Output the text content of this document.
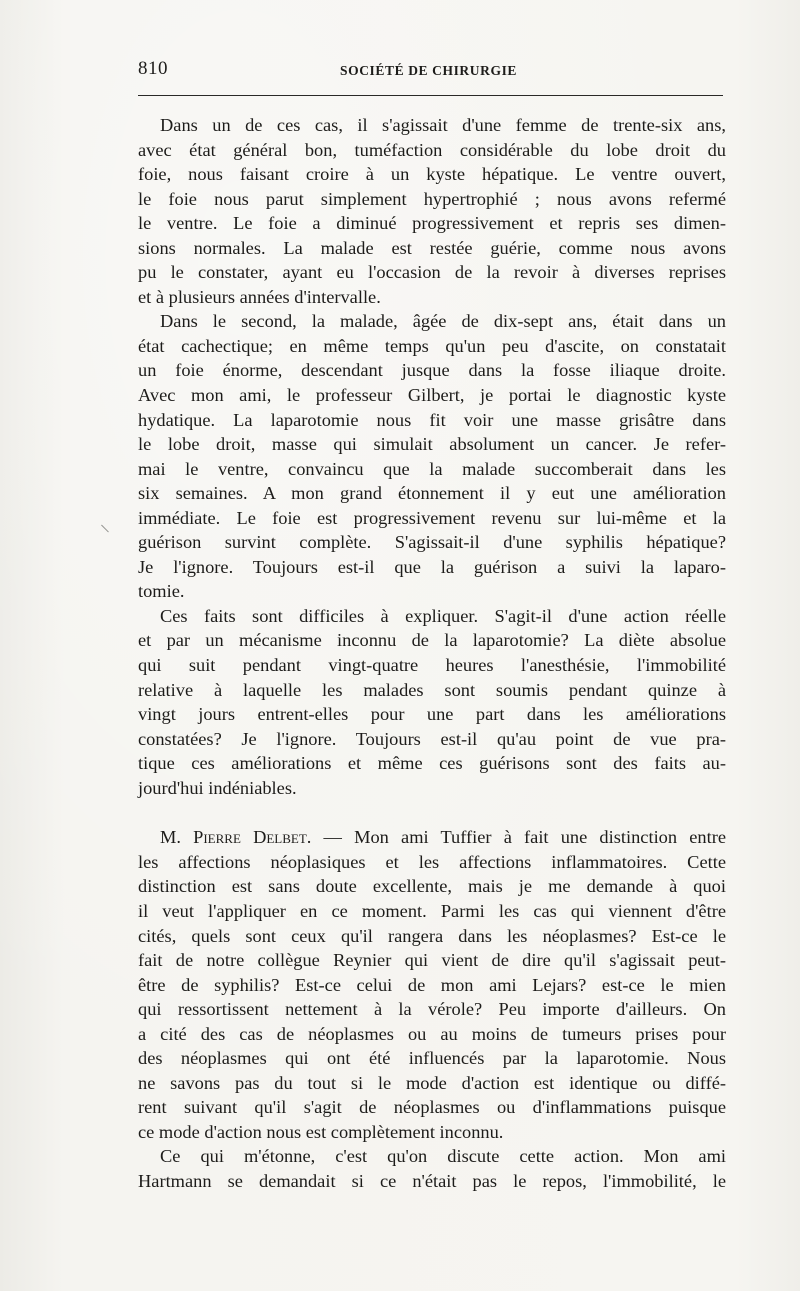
810	SOCIÉTÉ DE CHIRURGIE
Dans un de ces cas, il s'agissait d'une femme de trente-six ans,
avec état général bon, tuméfaction considérable du lobe droit du
foie, nous faisant croire à un kyste hépatique. Le ventre ouvert,
le foie nous parut simplement hypertrophié ; nous avons refermé
le ventre. Le foie a diminué progressivement et repris ses dimen-
sions normales. La malade est restée guérie, comme nous avons
pu le constater, ayant eu l'occasion de la revoir à diverses reprises
et à plusieurs années d'intervalle.
Dans le second, la malade, âgée de dix-sept ans, était dans un
état cachectique; en même temps qu'un peu d'ascite, on constatait
un foie énorme, descendant jusque dans la fosse iliaque droite.
Avec mon ami, le professeur Gilbert, je portai le diagnostic kyste
hydatique. La laparotomie nous fit voir une masse grisâtre dans
le lobe droit, masse qui simulait absolument un cancer. Je refer-
mai le ventre, convaincu que la malade succomberait dans les
six semaines. A mon grand étonnement il y eut une amélioration
immédiate. Le foie est progressivement revenu sur lui-même et la
guérison survint complète. S'agissait-il d'une syphilis hépatique?
Je l'ignore. Toujours est-il que la guérison a suivi la laparo-
tomie.
Ces faits sont difficiles à expliquer. S'agit-il d'une action réelle
et par un mécanisme inconnu de la laparotomie? La diète absolue
qui suit pendant vingt-quatre heures l'anesthésie, l'immobilité
relative à laquelle les malades sont soumis pendant quinze à
vingt jours entrent-elles pour une part dans les améliorations
constatées? Je l'ignore. Toujours est-il qu'au point de vue pra-
tique ces améliorations et même ces guérisons sont des faits au-
jourd'hui indéniables.
M. Pierre Delbet. — Mon ami Tuffier à fait une distinction entre
les affections néoplasiques et les affections inflammatoires. Cette
distinction est sans doute excellente, mais je me demande à quoi
il veut l'appliquer en ce moment. Parmi les cas qui viennent d'être
cités, quels sont ceux qu'il rangera dans les néoplasmes? Est-ce le
fait de notre collègue Reynier qui vient de dire qu'il s'agissait peut-
être de syphilis? Est-ce celui de mon ami Lejars? est-ce le mien
qui ressortissent nettement à la vérole? Peu importe d'ailleurs. On
a cité des cas de néoplasmes ou au moins de tumeurs prises pour
des néoplasmes qui ont été influencés par la laparotomie. Nous
ne savons pas du tout si le mode d'action est identique ou diffé-
rent suivant qu'il s'agit de néoplasmes ou d'inflammations puisque
ce mode d'action nous est complètement inconnu.
Ce qui m'étonne, c'est qu'on discute cette action. Mon ami
Hartmann se demandait si ce n'était pas le repos, l'immobilité, le
